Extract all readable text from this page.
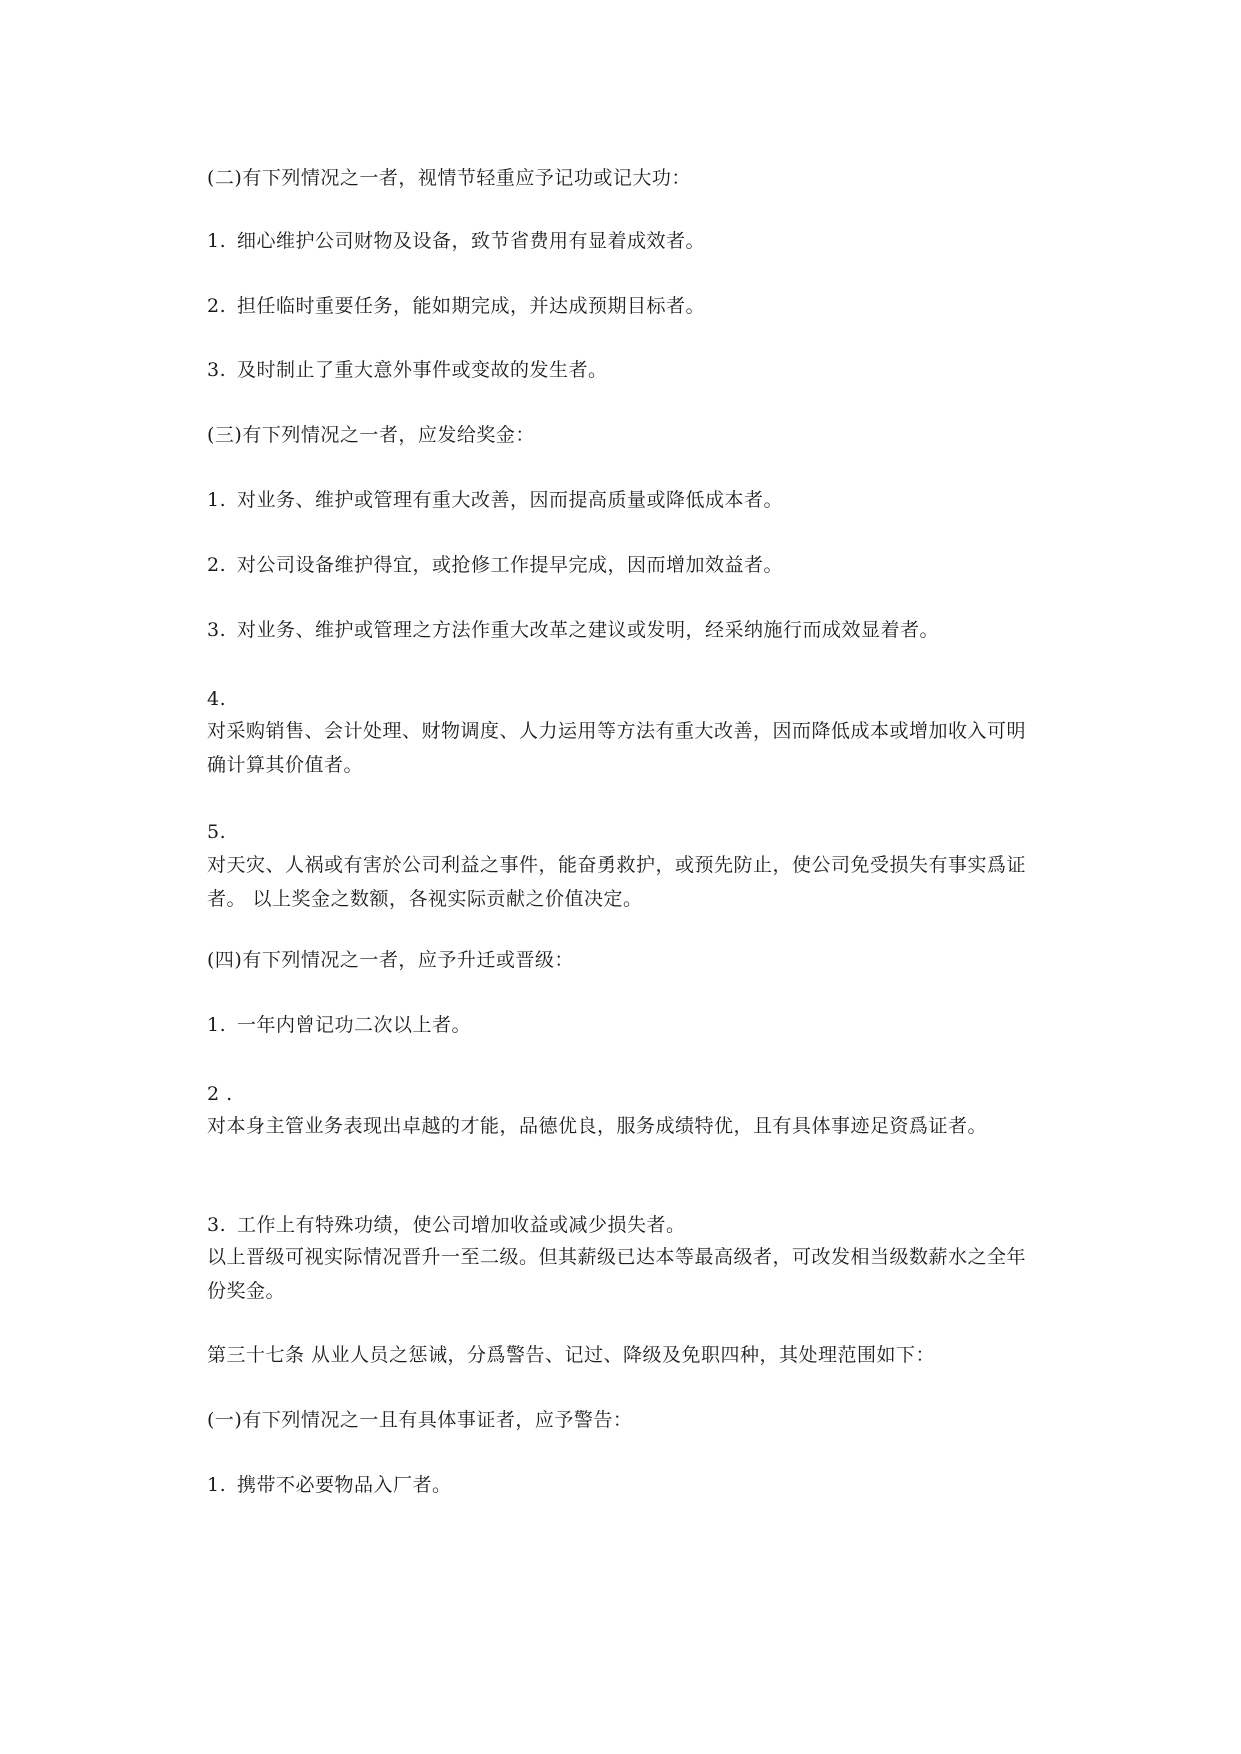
(二)有下列情况之一者，视情节轻重应予记功或记大功：
1. 细心维护公司财物及设备，致节省费用有显着成效者。
2. 担任临时重要任务，能如期完成，并达成预期目标者。
3. 及时制止了重大意外事件或变故的发生者。
(三)有下列情况之一者，应发给奖金：
1. 对业务、维护或管理有重大改善，因而提高质量或降低成本者。
2. 对公司设备维护得宜，或抢修工作提早完成，因而增加效益者。
3. 对业务、维护或管理之方法作重大改革之建议或发明，经采纳施行而成效显着者。
4.
对采购销售、会计处理、财物调度、人力运用等方法有重大改善，因而降低成本或增加收入可明确计算其价值者。
5.
对天灾、人祸或有害於公司利益之事件，能奋勇救护，或预先防止，使公司免受损失有事实爲证者。 以上奖金之数额，各视实际贡献之价值决定。
(四)有下列情况之一者，应予升迁或晋级：
1. 一年内曾记功二次以上者。
2 .
对本身主管业务表现出卓越的才能，品德优良，服务成绩特优，且有具体事迹足资爲证者。
3. 工作上有特殊功绩，使公司增加收益或减少损失者。
以上晋级可视实际情况晋升一至二级。但其薪级已达本等最高级者，可改发相当级数薪水之全年份奖金。
第三十七条 从业人员之惩诫，分爲警告、记过、降级及免职四种，其处理范围如下：
(一)有下列情况之一且有具体事证者，应予警告：
1. 携带不必要物品入厂者。
